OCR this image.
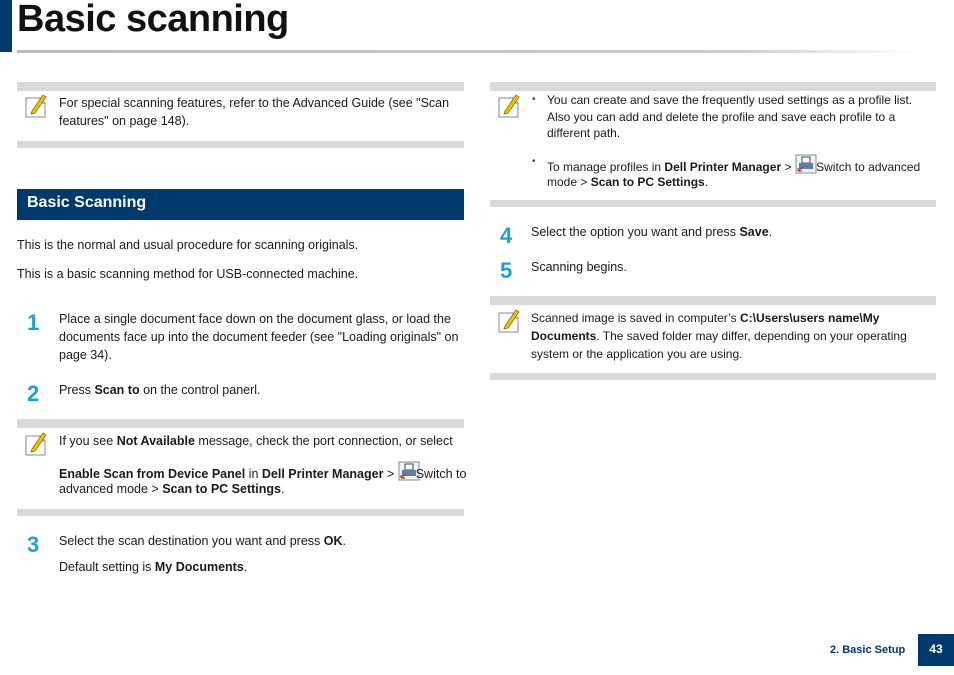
Basic scanning
For special scanning features, refer to the Advanced Guide (see "Scan features" on page 148).
Basic Scanning
This is the normal and usual procedure for scanning originals.
This is a basic scanning method for USB-connected machine.
1 Place a single document face down on the document glass, or load the documents face up into the document feeder (see "Loading originals" on page 34).
2 Press Scan to on the control panerl.
If you see Not Available message, check the port connection, or select
Enable Scan from Device Panel in Dell Printer Manager > Switch to
advanced mode > Scan to PC Settings.
3 Select the scan destination you want and press OK.
Default setting is My Documents.
• You can create and save the frequently used settings as a profile list. Also you can add and delete the profile and save each profile to a different path.
• To manage profiles in Dell Printer Manager >  Switch to advanced
mode > Scan to PC Settings.
4 Select the option you want and press Save.
5 Scanning begins.
Scanned image is saved in computer’s C:\Users\users name\My Documents. The saved folder may differ, depending on your operating system or the application you are using.
2. Basic Setup	43
